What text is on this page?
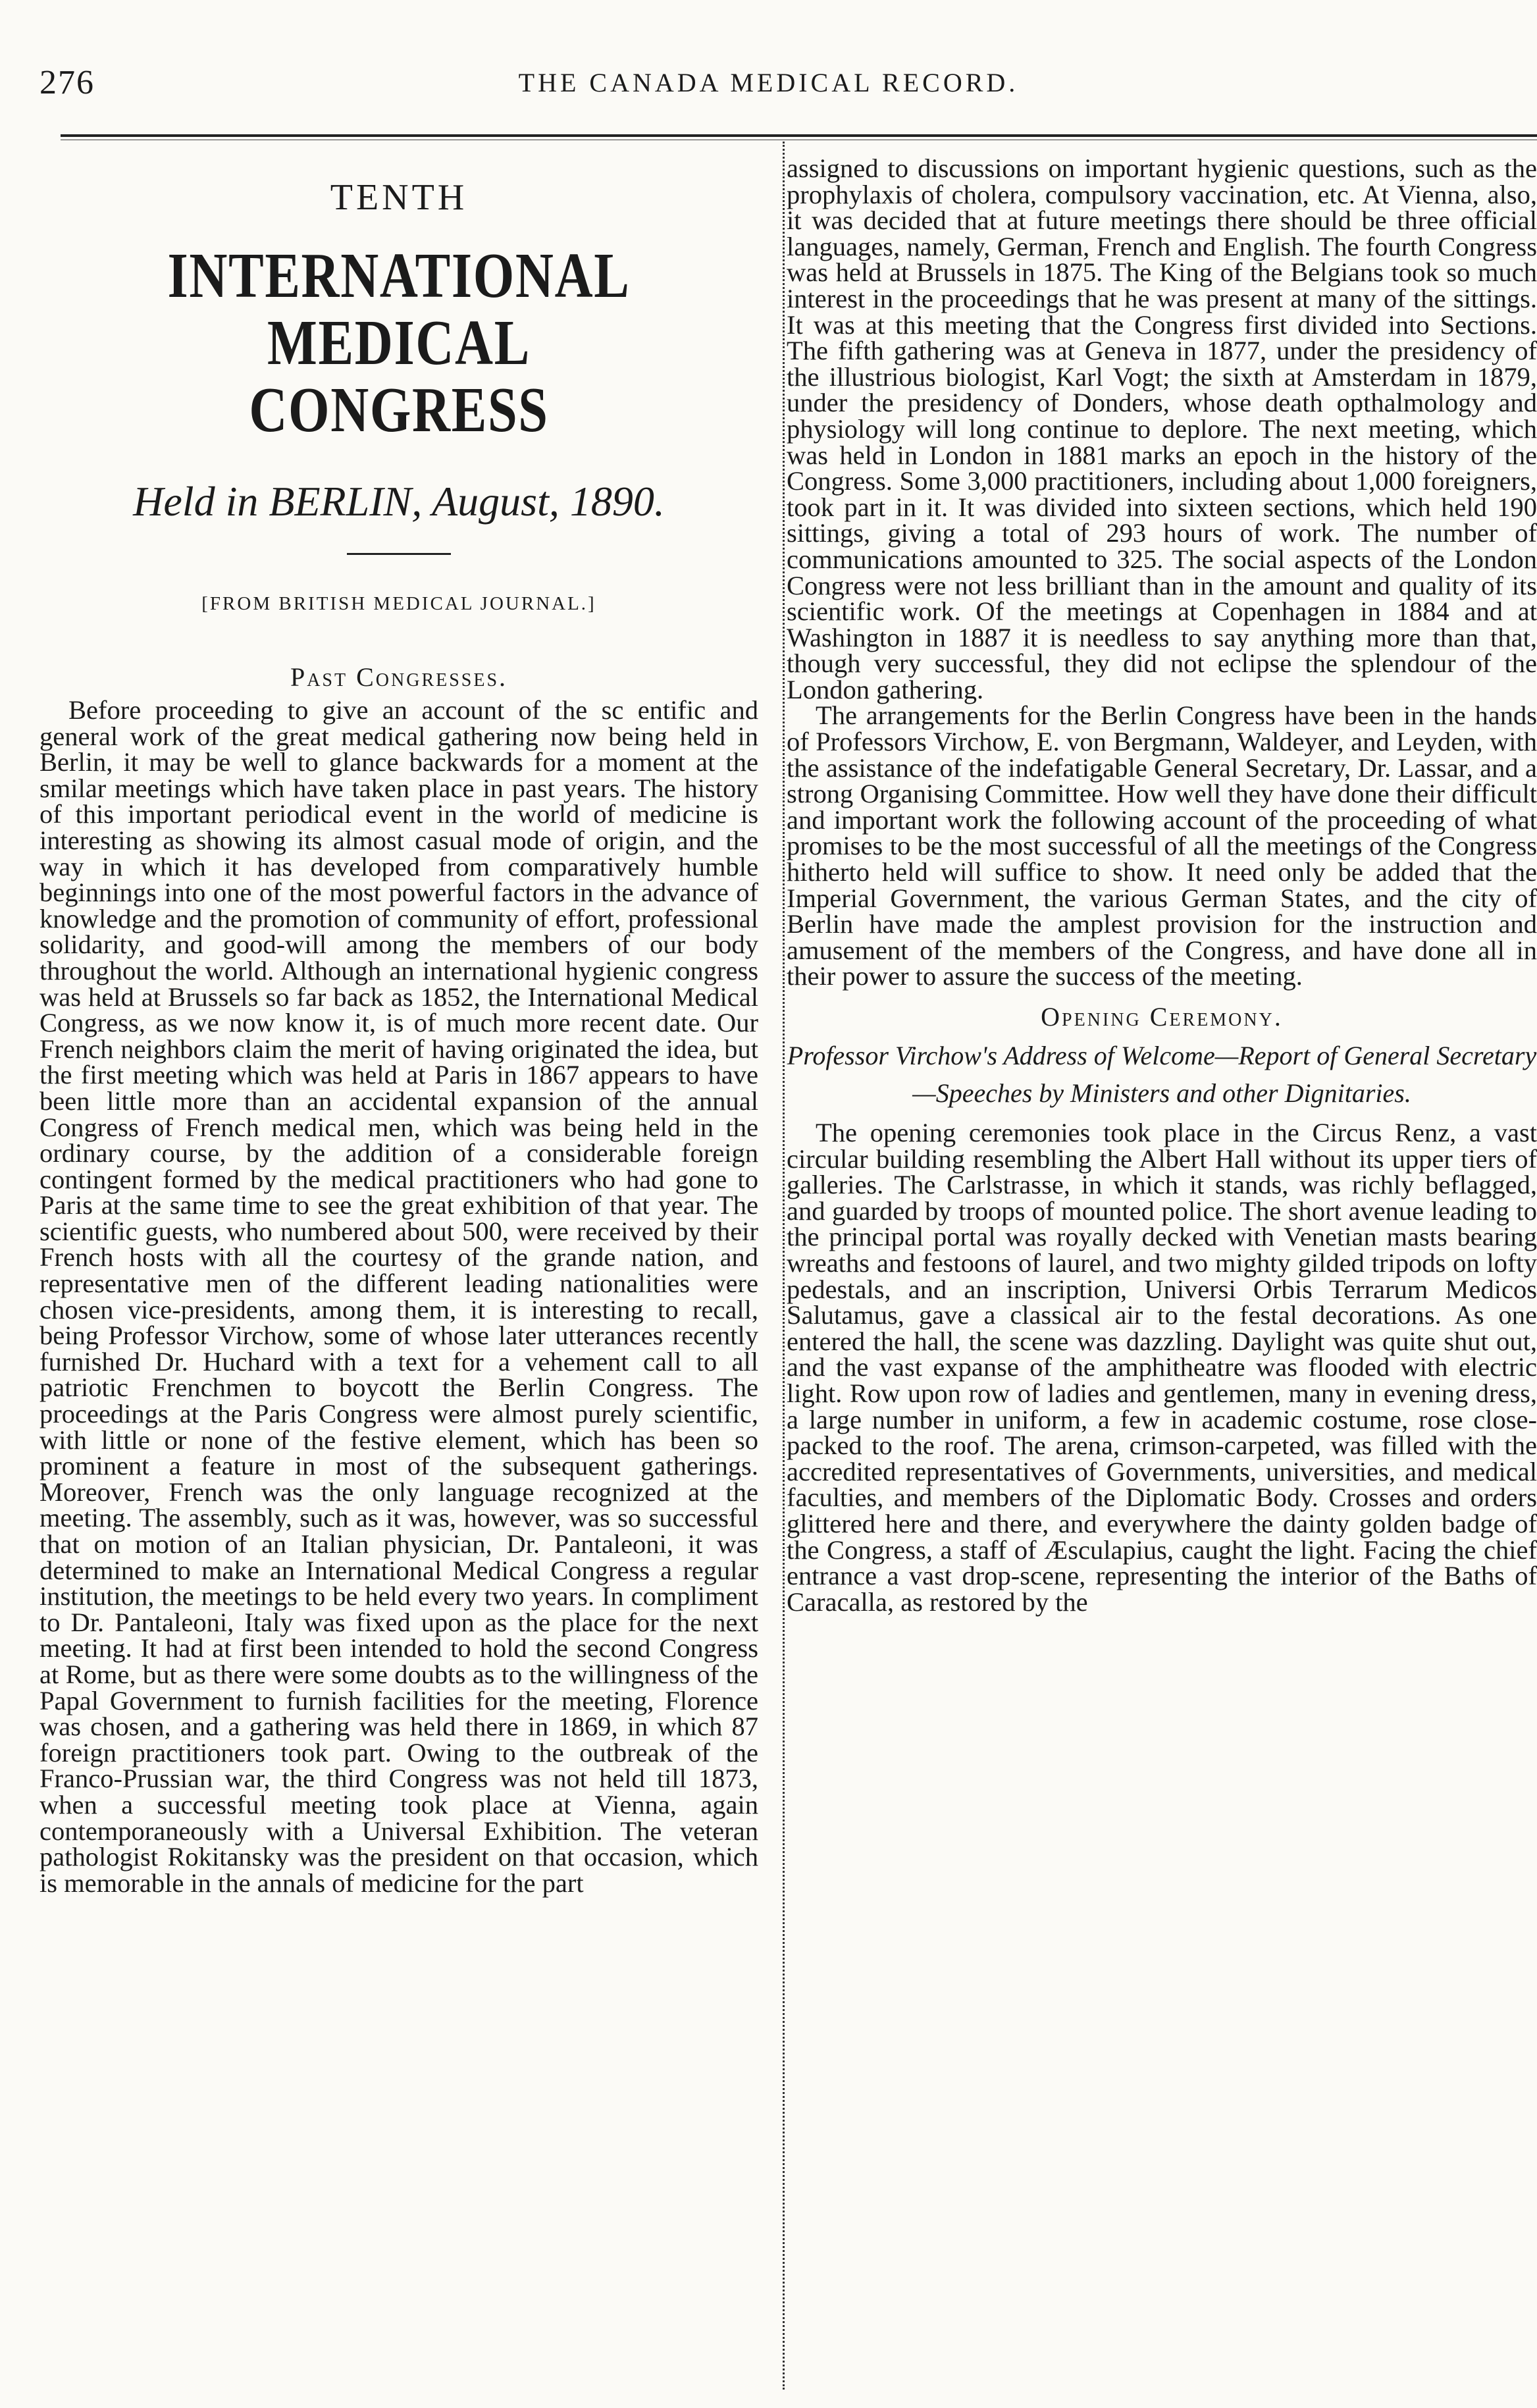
276	THE CANADA MEDICAL RECORD.
TENTH
INTERNATIONAL MEDICAL
CONGRESS
Held in BERLIN, August, 1890.
[FROM BRITISH MEDICAL JOURNAL.]
Past Congresses.

Before proceeding to give an account of the sc entific and general work of the great medical gathering now being held in Berlin, it may be well to glance backwards for a moment at the smilar meetings which have taken place in past years. The history of this important periodical event in the world of medicine is interesting as showing its almost casual mode of origin, and the way in which it has developed from comparatively humble beginnings into one of the most powerful factors in the advance of knowledge and the promotion of community of effort, professional solidarity, and good-will among the members of our body throughout the world. Although an international hygienic congress was held at Brussels so far back as 1852, the International Medical Congress, as we now know it, is of much more recent date. Our French neighbors claim the merit of having originated the idea, but the first meeting which was held at Paris in 1867 appears to have been little more than an accidental expansion of the annual Congress of French medical men, which was being held in the ordinary course, by the addition of a considerable foreign contingent formed by the medical practitioners who had gone to Paris at the same time to see the great exhibition of that year. The scientific guests, who numbered about 500, were received by their French hosts with all the courtesy of the grande nation, and representative men of the different leading nationalities were chosen vice-presidents, among them, it is interesting to recall, being Professor Virchow, some of whose later utterances recently furnished Dr. Huchard with a text for a vehement call to all patriotic Frenchmen to boycott the Berlin Congress. The proceedings at the Paris Congress were almost purely scientific, with little or none of the festive element, which has been so prominent a feature in most of the subsequent gatherings. Moreover, French was the only language recognized at the meeting. The assembly, such as it was, however, was so successful that on motion of an Italian physician, Dr. Pantaleoni, it was determined to make an International Medical Congress a regular institution, the meetings to be held every two years. In compliment to Dr. Pantaleoni, Italy was fixed upon as the place for the next meeting. It had at first been intended to hold the second Congress at Rome, but as there were some doubts as to the willingness of the Papal Government to furnish facilities for the meeting, Florence was chosen, and a gathering was held there in 1869, in which 87 foreign practitioners took part. Owing to the outbreak of the Franco-Prussian war, the third Congress was not held till 1873, when a successful meeting took place at Vienna, again contemporaneously with a Universal Exhibition. The veteran pathologist Rokitansky was the president on that occasion, which is memorable in the annals of medicine for the part

assigned to discussions on important hygienic questions, such as the prophylaxis of cholera, compulsory vaccination, etc. At Vienna, also, it was decided that at future meetings there should be three official languages, namely, German, French and English. The fourth Congress was held at Brussels in 1875. The King of the Belgians took so much interest in the proceedings that he was present at many of the sittings. It was at this meeting that the Congress first divided into Sections. The fifth gathering was at Geneva in 1877, under the presidency of the illustrious biologist, Karl Vogt; the sixth at Amsterdam in 1879, under the presidency of Donders, whose death opthalmology and physiology will long continue to deplore. The next meeting, which was held in London in 1881 marks an epoch in the history of the Congress. Some 3,000 practitioners, including about 1,000 foreigners, took part in it. It was divided into sixteen sections, which held 190 sittings, giving a total of 293 hours of work. The number of communications amounted to 325. The social aspects of the London Congress were not less brilliant than in the amount and quality of its scientific work. Of the meetings at Copenhagen in 1884 and at Washington in 1887 it is needless to say anything more than that, though very successful, they did not eclipse the splendour of the London gathering.

The arrangements for the Berlin Congress have been in the hands of Professors Virchow, E. von Bergmann, Waldeyer, and Leyden, with the assistance of the indefatigable General Secretary, Dr. Lassar, and a strong Organising Committee. How well they have done their difficult and important work the following account of the proceeding of what promises to be the most successful of all the meetings of the Congress hitherto held will suffice to show. It need only be added that the Imperial Government, the various German States, and the city of Berlin have made the amplest provision for the instruction and amusement of the members of the Congress, and have done all in their power to assure the success of the meeting.

Opening Ceremony.
Professor Virchow's Address of Welcome—Report of General Secretary—Speeches by Ministers and other Dignitaries.

The opening ceremonies took place in the Circus Renz, a vast circular building resembling the Albert Hall without its upper tiers of galleries. The Carlstrasse, in which it stands, was richly beflagged, and guarded by troops of mounted police. The short avenue leading to the principal portal was royally decked with Venetian masts bearing wreaths and festoons of laurel, and two mighty gilded tripods on lofty pedestals, and an inscription, Universi Orbis Terrarum Medicos Salutamus, gave a classical air to the festal decorations. As one entered the hall, the scene was dazzling. Daylight was quite shut out, and the vast expanse of the amphitheatre was flooded with electric light. Row upon row of ladies and gentlemen, many in evening dress, a large number in uniform, a few in academic costume, rose close-packed to the roof. The arena, crimson-carpeted, was filled with the accredited representatives of Governments, universities, and medical faculties, and members of the Diplomatic Body. Crosses and orders glittered here and there, and everywhere the dainty golden badge of the Congress, a staff of Æsculapius, caught the light. Facing the chief entrance a vast drop-scene, representing the interior of the Baths of Caracalla, as restored by the
